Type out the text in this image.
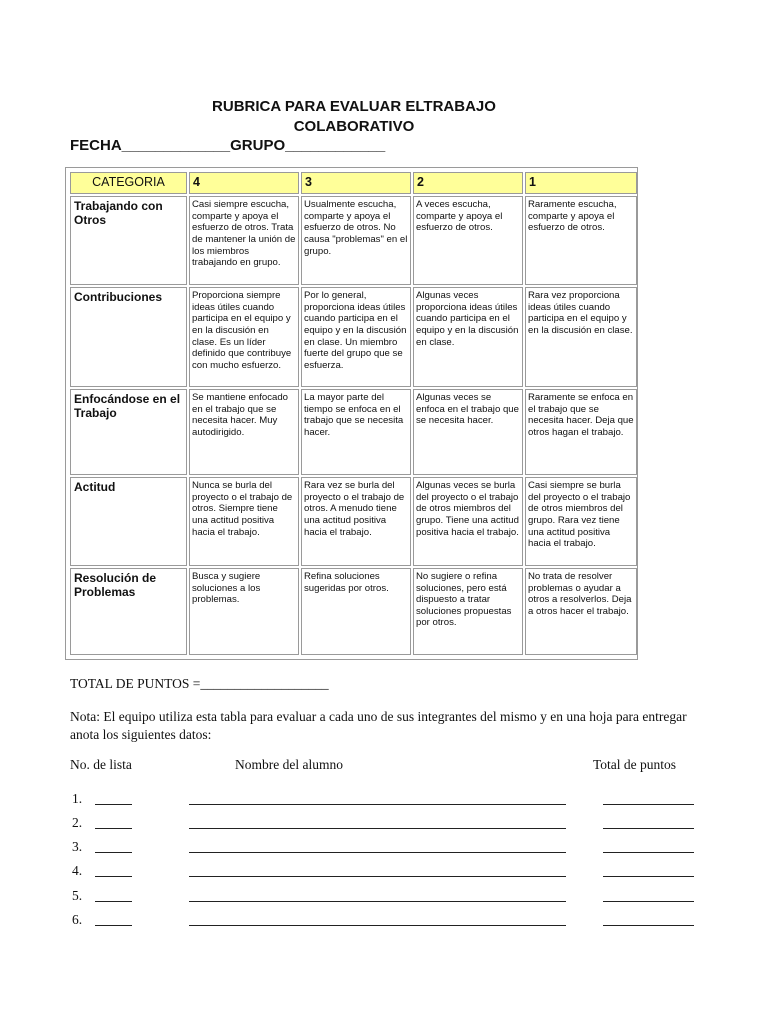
RUBRICA PARA EVALUAR ELTRABAJO
COLABORATIVO
FECHA_____________GRUPO____________
CATEGORIA	4	3	2	1
Trabajando con Otros	Casi siempre escucha, comparte y apoya el esfuerzo de otros. Trata de mantener la unión de los miembros trabajando en grupo.	Usualmente escucha, comparte y apoya el esfuerzo de otros. No causa "problemas" en el grupo.	A veces escucha, comparte y apoya el esfuerzo de otros.	Raramente escucha, comparte y apoya el esfuerzo de otros.
Contribuciones	Proporciona siempre ideas útiles cuando participa en el equipo y en la discusión en clase. Es un líder definido que contribuye con mucho esfuerzo.	Por lo general, proporciona ideas útiles cuando participa en el equipo y en la discusión en clase. Un miembro fuerte del grupo que se esfuerza.	Algunas veces proporciona ideas útiles cuando participa en el equipo y en la discusión en clase.	Rara vez proporciona ideas útiles cuando participa en el equipo y en la discusión en clase.
Enfocándose en el Trabajo	Se mantiene enfocado en el trabajo que se necesita hacer. Muy autodirigido.	La mayor parte del tiempo se enfoca en el trabajo que se necesita hacer.	Algunas veces se enfoca en el trabajo que se necesita hacer.	Raramente se enfoca en el trabajo que se necesita hacer. Deja que otros hagan el trabajo.
Actitud	Nunca se burla del proyecto o el trabajo de otros. Siempre tiene una actitud positiva hacia el trabajo.	Rara vez se burla del proyecto o el trabajo de otros. A menudo tiene una actitud positiva hacia el trabajo.	Algunas veces se burla del proyecto o el trabajo de otros miembros del grupo. Tiene una actitud positiva hacia el trabajo.	Casi siempre se burla del proyecto o el trabajo de otros miembros del grupo. Rara vez tiene una actitud positiva hacia el trabajo.
Resolución de Problemas	Busca y sugiere soluciones a los problemas.	Refina soluciones sugeridas por otros.	No sugiere o refina soluciones, pero está dispuesto a tratar soluciones propuestas por otros.	No trata de resolver problemas o ayudar a otros a resolverlos. Deja a otros hacer el trabajo.
TOTAL DE PUNTOS =___________________
Nota: El equipo utiliza esta tabla para evaluar a cada uno de sus integrantes del mismo y en una hoja para entregar anota los siguientes datos:
No. de lista	Nombre del alumno	Total de puntos
1.
2.
3.
4.
5.
6.
